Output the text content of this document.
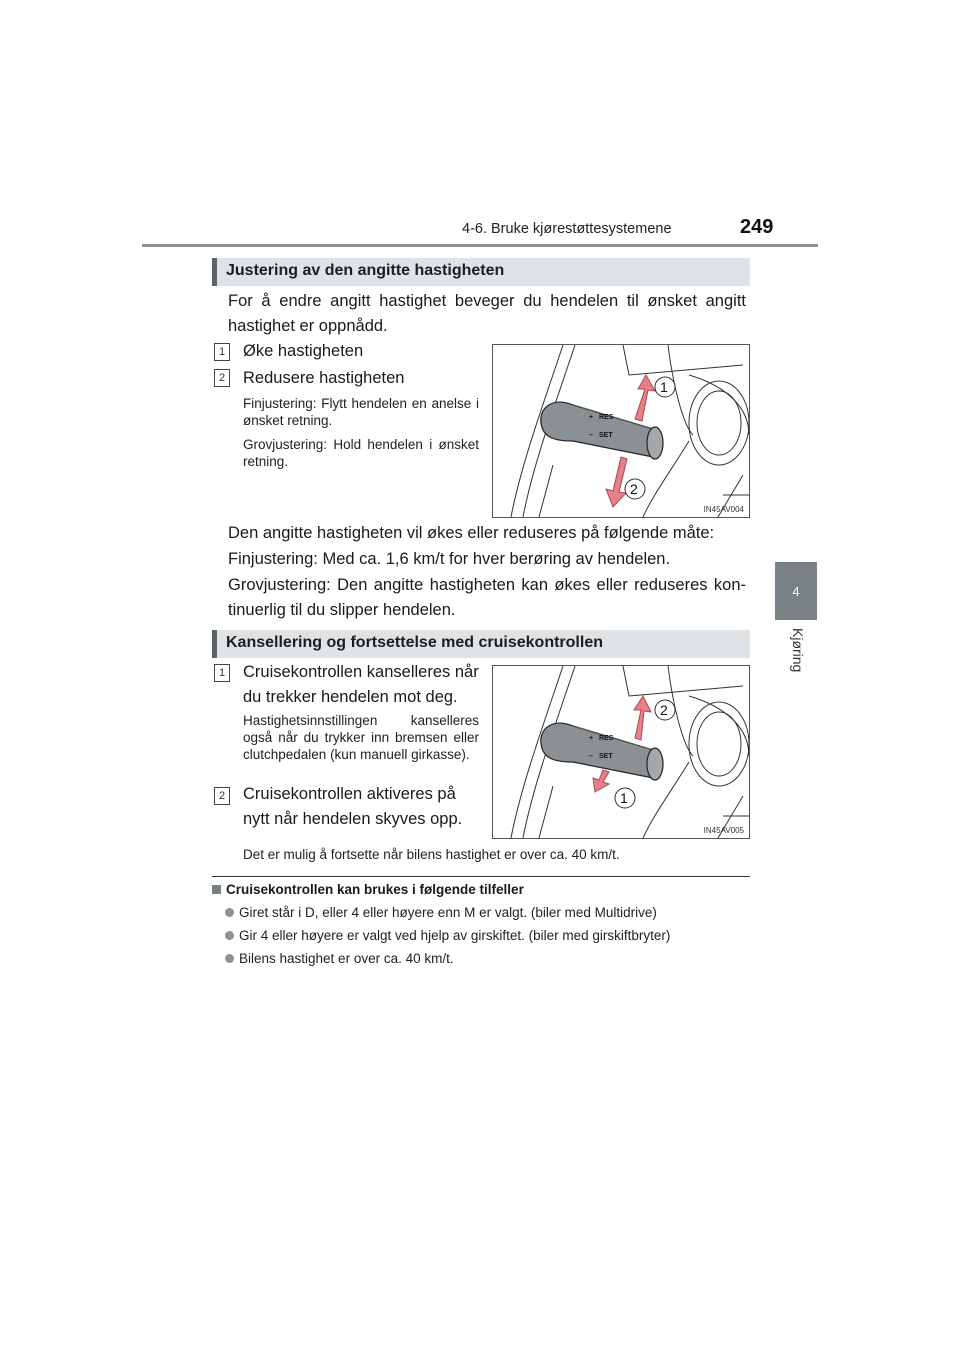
4-6. Bruke kjørestøttesystemene	249
4
Kjøring
Justering av den angitte hastigheten
For å endre angitt hastighet beveger du hendelen til ønsket angitt hastighet er oppnådd.
1 Øke hastigheten
2 Redusere hastigheten
Finjustering: Flytt hendelen en anelse i ønsket retning.
Grovjustering: Hold hendelen i ønsket retning.
+ RES
– SET
1
2
IN45AV004
Den angitte hastigheten vil økes eller reduseres på følgende måte:
Finjustering: Med ca. 1,6 km/t for hver berøring av hendelen.
Grovjustering: Den angitte hastigheten kan økes eller reduseres kon-tinuerlig til du slipper hendelen.
Kansellering og fortsettelse med cruisekontrollen
1 Cruisekontrollen kanselleres når du trekker hendelen mot deg.
Hastighetsinnstillingen kanselleres også når du trykker inn bremsen eller clutchpedalen (kun manuell girkasse).
2 Cruisekontrollen aktiveres på nytt når hendelen skyves opp.
+ RES
– SET
2
1
IN45AV005
Det er mulig å fortsette når bilens hastighet er over ca. 40 km/t.
Cruisekontrollen kan brukes i følgende tilfeller
Giret står i D, eller 4 eller høyere enn M er valgt. (biler med Multidrive)
Gir 4 eller høyere er valgt ved hjelp av girskiftet. (biler med girskiftbryter)
Bilens hastighet er over ca. 40 km/t.
